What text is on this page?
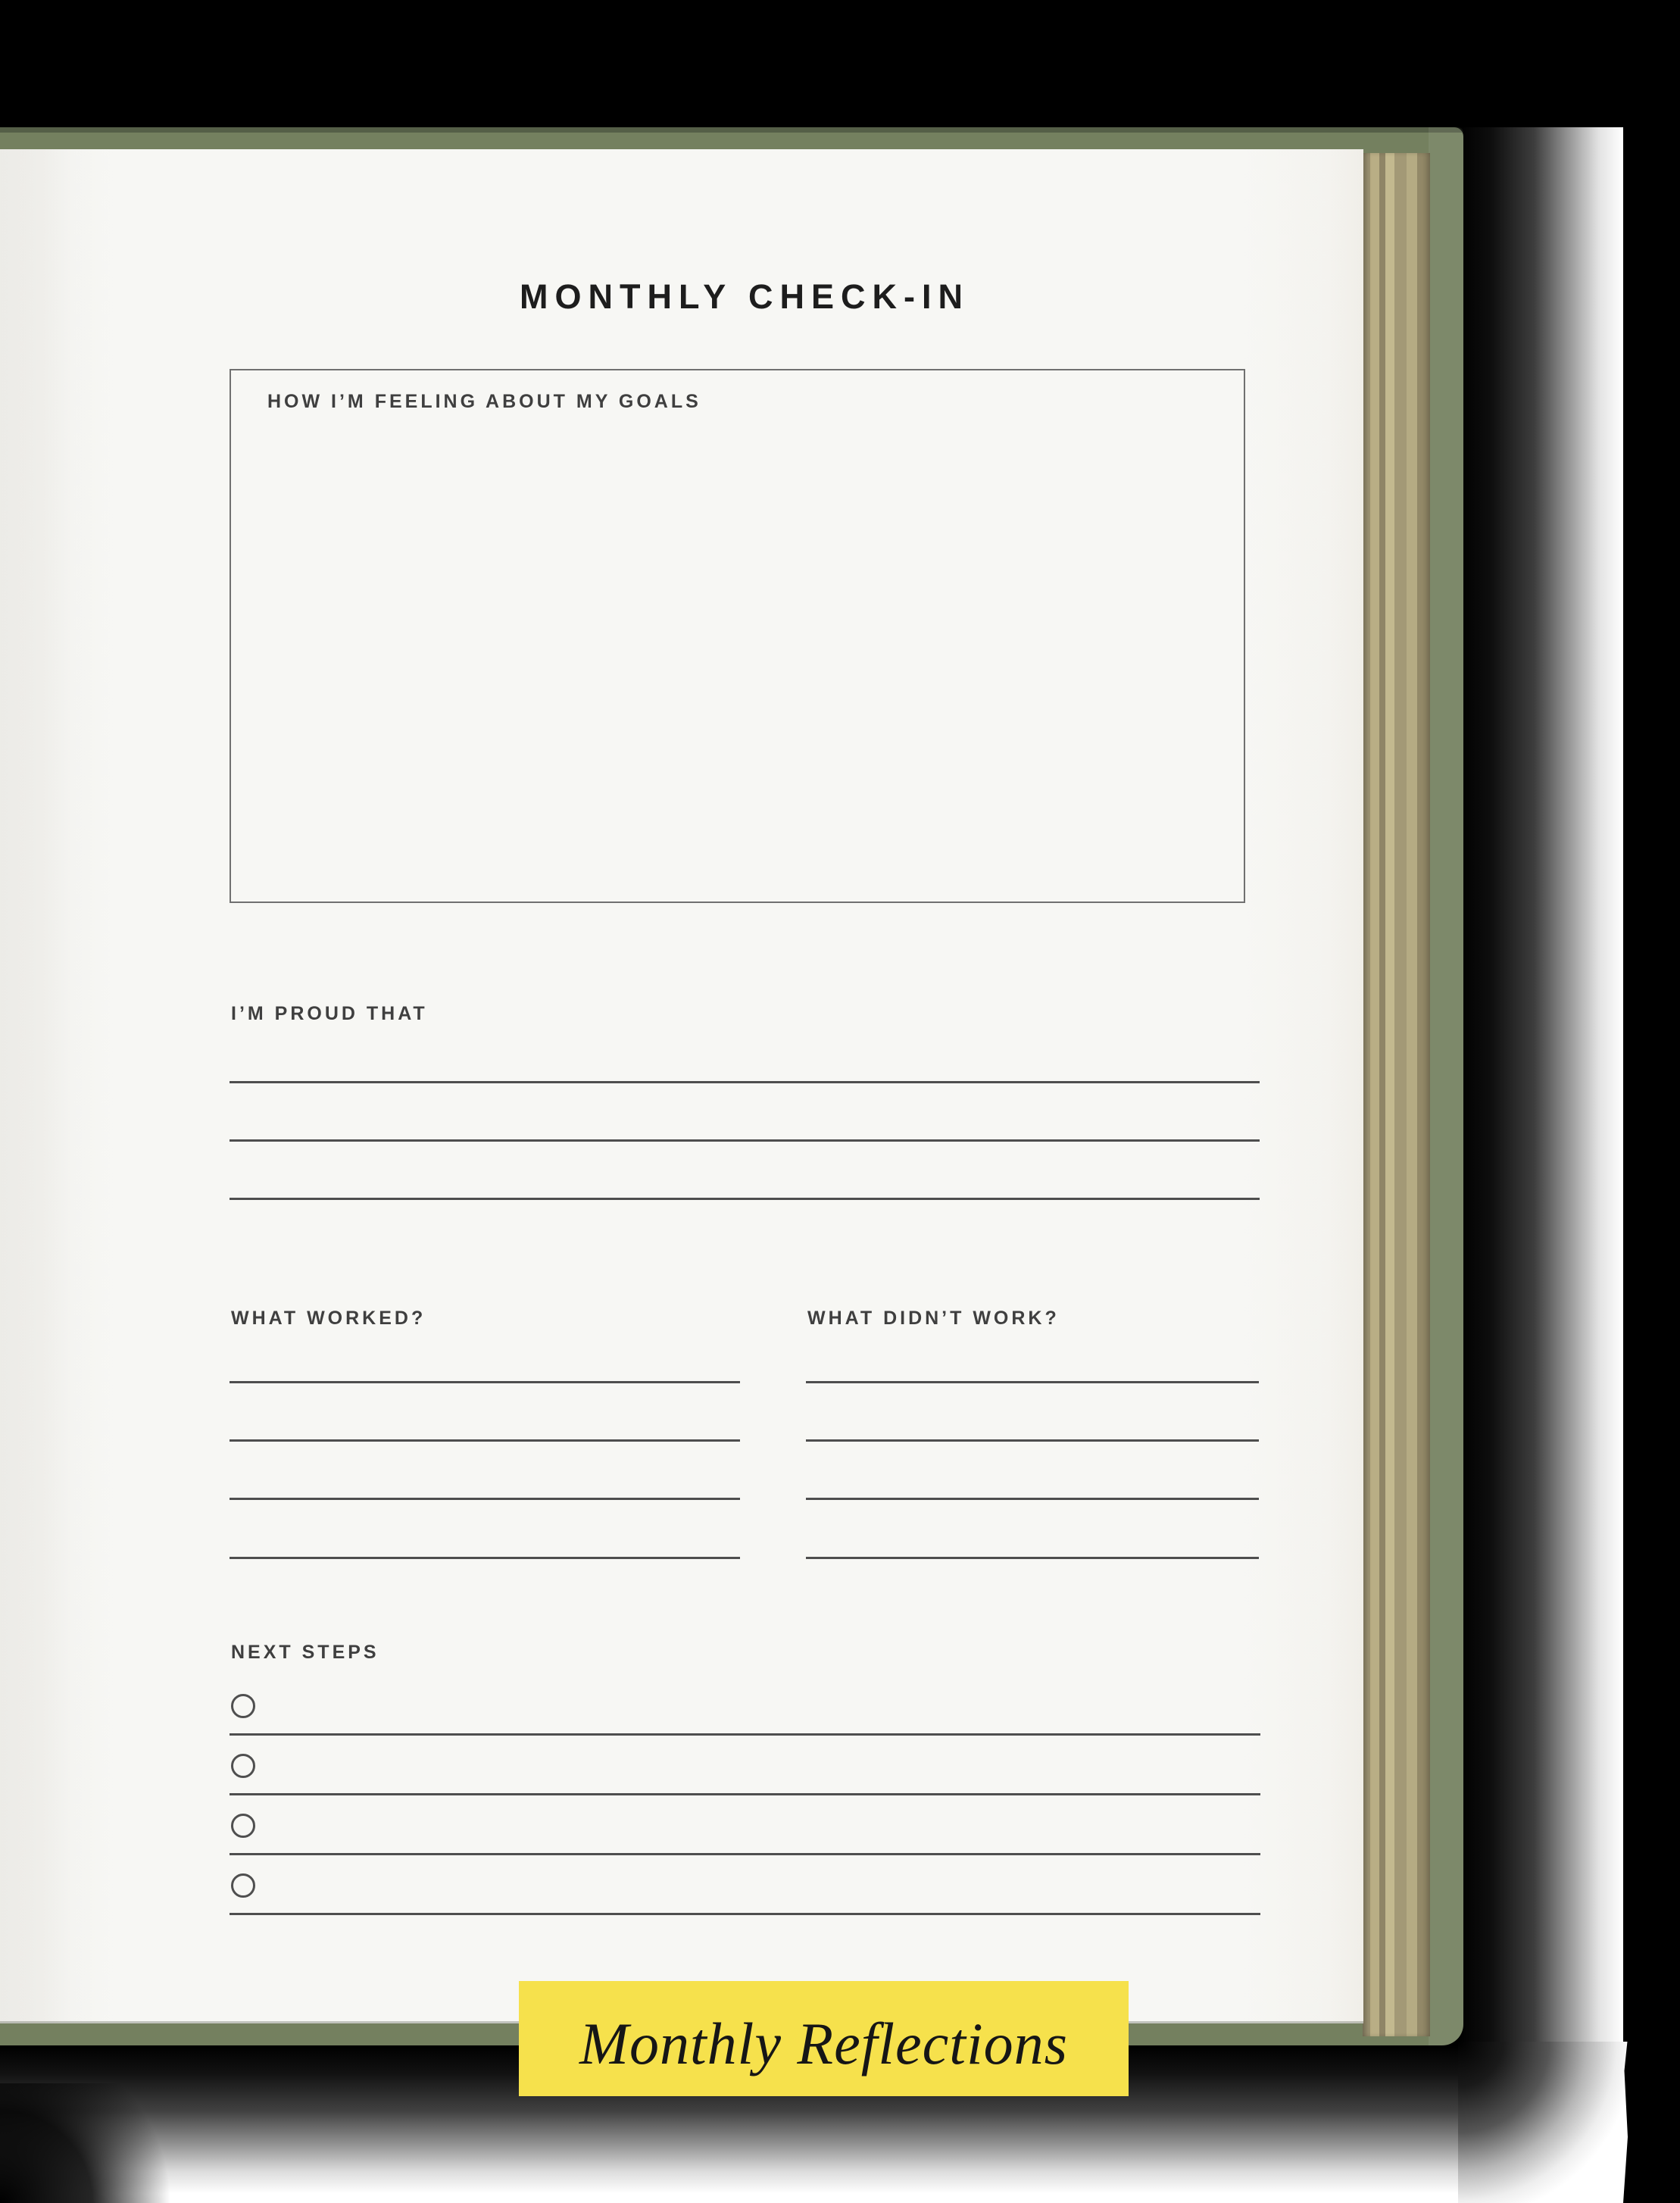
MONTHLY CHECK-IN
HOW I’M FEELING ABOUT MY GOALS
I’M PROUD THAT
WHAT WORKED?	WHAT DIDN’T WORK?
NEXT STEPS
Monthly Reflections
